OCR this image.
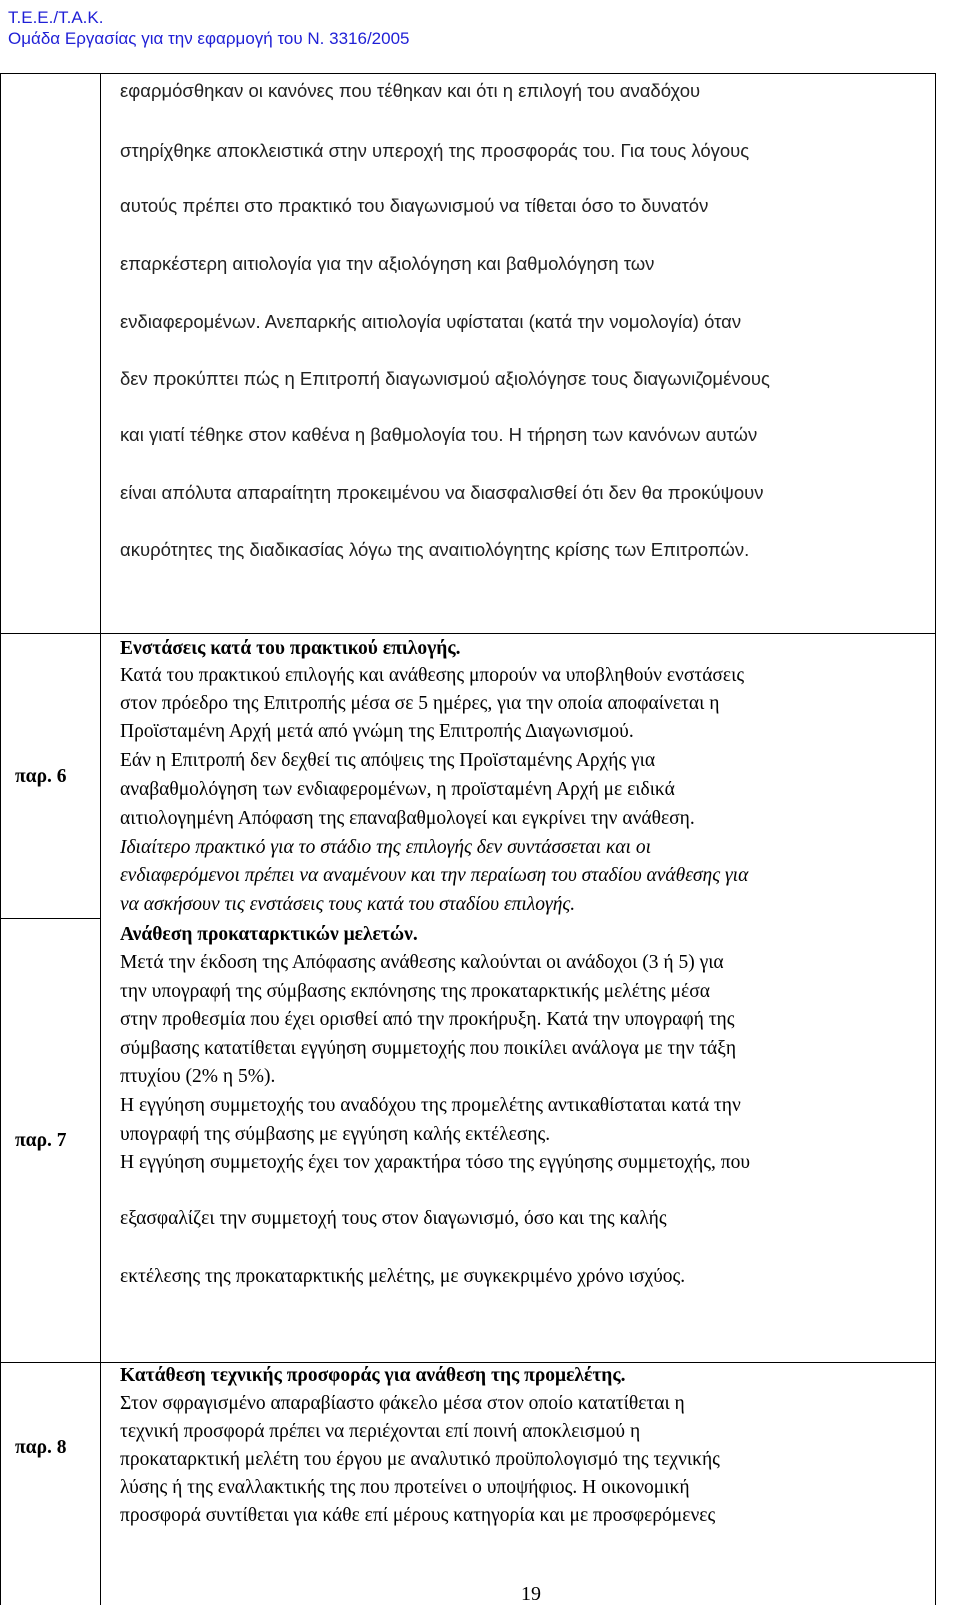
Τ.Ε.Ε./Τ.Α.Κ.
Ομάδα Εργασίας για την εφαρμογή του Ν. 3316/2005
εφαρμόσθηκαν οι κανόνες που τέθηκαν και ότι η επιλογή του αναδόχου
στηρίχθηκε αποκλειστικά στην υπεροχή της προσφοράς του. Για τους λόγους
αυτούς πρέπει στο πρακτικό του διαγωνισμού να τίθεται όσο το δυνατόν
επαρκέστερη αιτιολογία για την αξιολόγηση και βαθμολόγηση των
ενδιαφερομένων. Ανεπαρκής αιτιολογία υφίσταται (κατά την νομολογία) όταν
δεν προκύπτει πώς η Επιτροπή διαγωνισμού αξιολόγησε τους διαγωνιζομένους
και γιατί τέθηκε στον καθένα η βαθμολογία του. Η τήρηση των κανόνων αυτών
είναι απόλυτα απαραίτητη προκειμένου να διασφαλισθεί ότι δεν θα προκύψουν
ακυρότητες της διαδικασίας λόγω της αναιτιολόγητης κρίσης των Επιτροπών.
παρ. 6
Ενστάσεις κατά του πρακτικού επιλογής.
Κατά του πρακτικού επιλογής και ανάθεσης μπορούν να υποβληθούν ενστάσεις
στον πρόεδρο της Επιτροπής μέσα σε 5 ημέρες, για την οποία αποφαίνεται η
Προϊσταμένη Αρχή μετά από γνώμη της Επιτροπής Διαγωνισμού.
Εάν η Επιτροπή δεν δεχθεί τις απόψεις της Προϊσταμένης Αρχής για
αναβαθμολόγηση των ενδιαφερομένων, η προϊσταμένη Αρχή με ειδικά
αιτιολογημένη Απόφαση της επαναβαθμολογεί και εγκρίνει την ανάθεση.
Ιδιαίτερο πρακτικό για το στάδιο της επιλογής δεν συντάσσεται και οι
ενδιαφερόμενοι πρέπει να αναμένουν και την περαίωση του σταδίου ανάθεσης για
να ασκήσουν τις ενστάσεις τους κατά του σταδίου επιλογής.
παρ. 7
Ανάθεση προκαταρκτικών μελετών.
Μετά την έκδοση της Απόφασης ανάθεσης καλούνται οι ανάδοχοι (3 ή 5) για
την υπογραφή της σύμβασης εκπόνησης της προκαταρκτικής μελέτης μέσα
στην προθεσμία που έχει ορισθεί από την προκήρυξη. Κατά την υπογραφή της
σύμβασης κατατίθεται εγγύηση συμμετοχής που ποικίλει ανάλογα με την τάξη
πτυχίου (2% η 5%).
Η εγγύηση συμμετοχής του αναδόχου της προμελέτης αντικαθίσταται κατά την
υπογραφή της σύμβασης με εγγύηση καλής εκτέλεσης.
Η εγγύηση συμμετοχής έχει τον χαρακτήρα τόσο της εγγύησης συμμετοχής, που
εξασφαλίζει την συμμετοχή τους στον διαγωνισμό, όσο και της καλής
εκτέλεσης της προκαταρκτικής μελέτης, με συγκεκριμένο χρόνο ισχύος.
παρ. 8
Κατάθεση τεχνικής προσφοράς για ανάθεση της προμελέτης.
Στον σφραγισμένο απαραβίαστο φάκελο μέσα στον οποίο κατατίθεται η
τεχνική προσφορά πρέπει να περιέχονται επί ποινή αποκλεισμού η
προκαταρκτική μελέτη του έργου με αναλυτικό προϋπολογισμό της τεχνικής
λύσης ή της εναλλακτικής της που προτείνει ο υποψήφιος. Η οικονομική
προσφορά συντίθεται για κάθε επί μέρους κατηγορία και με προσφερόμενες
19
